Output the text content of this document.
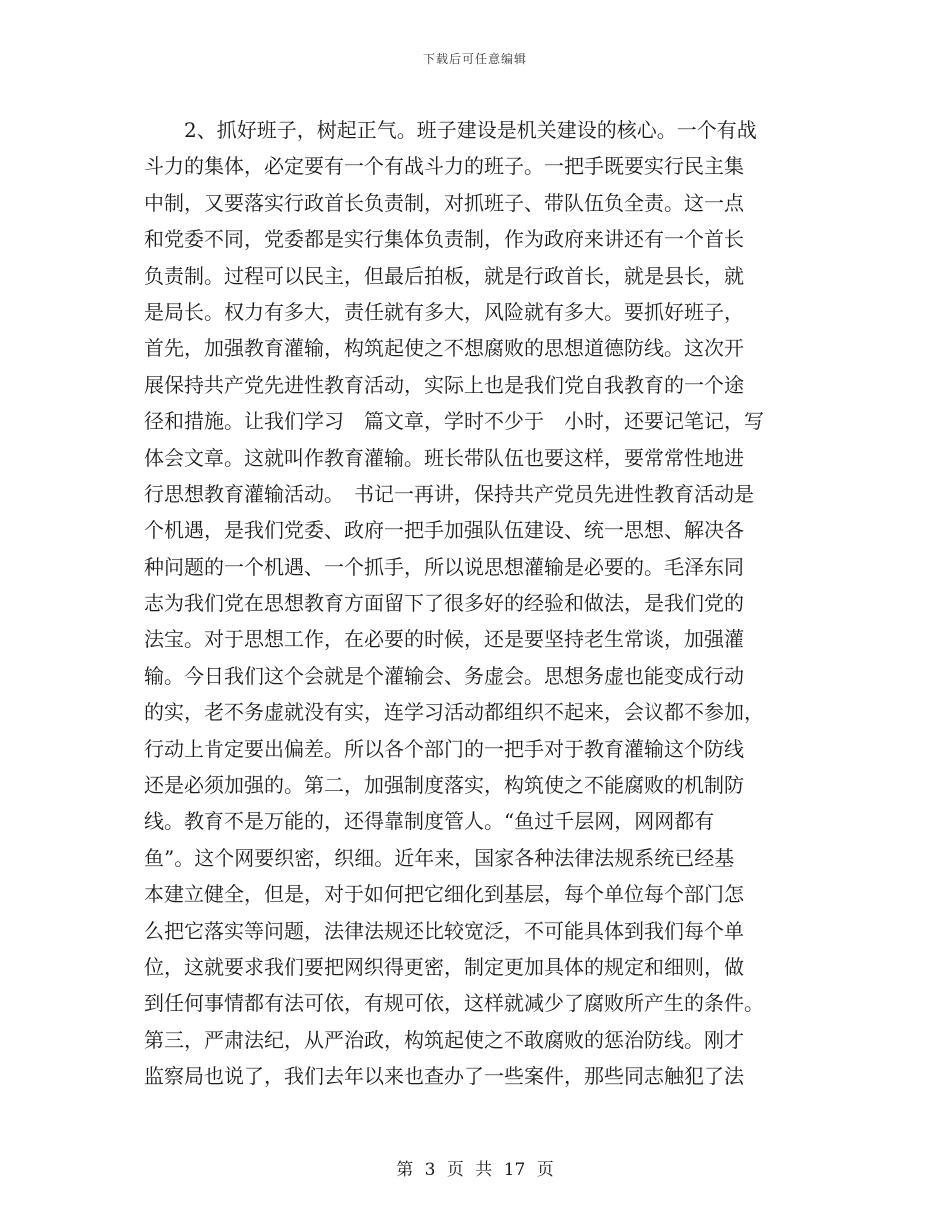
下载后可任意编辑
2、抓好班子，树起正气。班子建设是机关建设的核心。一个有战
斗力的集体，必定要有一个有战斗力的班子。一把手既要实行民主集
中制，又要落实行政首长负责制，对抓班子、带队伍负全责。这一点
和党委不同，党委都是实行集体负责制，作为政府来讲还有一个首长
负责制。过程可以民主，但最后拍板，就是行政首长，就是县长，就
是局长。权力有多大，责任就有多大，风险就有多大。要抓好班子，
首先，加强教育灌输，构筑起使之不想腐败的思想道德防线。这次开
展保持共产党先进性教育活动，实际上也是我们党自我教育的一个途
径和措施。让我们学习　篇文章，学时不少于　小时，还要记笔记，写
体会文章。这就叫作教育灌输。班长带队伍也要这样，要常常性地进
行思想教育灌输活动。　书记一再讲，保持共产党员先进性教育活动是
个机遇，是我们党委、政府一把手加强队伍建设、统一思想、解决各
种问题的一个机遇、一个抓手，所以说思想灌输是必要的。毛泽东同
志为我们党在思想教育方面留下了很多好的经验和做法，是我们党的
法宝。对于思想工作，在必要的时候，还是要坚持老生常谈，加强灌
输。今日我们这个会就是个灌输会、务虚会。思想务虚也能变成行动
的实，老不务虚就没有实，连学习活动都组织不起来，会议都不参加，
行动上肯定要出偏差。所以各个部门的一把手对于教育灌输这个防线
还是必须加强的。第二，加强制度落实，构筑使之不能腐败的机制防
线。教育不是万能的，还得靠制度管人。“鱼过千层网，网网都有
鱼”。这个网要织密，织细。近年来，国家各种法律法规系统已经基
本建立健全，但是，对于如何把它细化到基层，每个单位每个部门怎
么把它落实等问题，法律法规还比较宽泛，不可能具体到我们每个单
位，这就要求我们要把网织得更密，制定更加具体的规定和细则，做
到任何事情都有法可依，有规可依，这样就减少了腐败所产生的条件。
第三，严肃法纪，从严治政，构筑起使之不敢腐败的惩治防线。刚才
监察局也说了，我们去年以来也查办了一些案件，那些同志触犯了法
第 3 页 共 17 页
